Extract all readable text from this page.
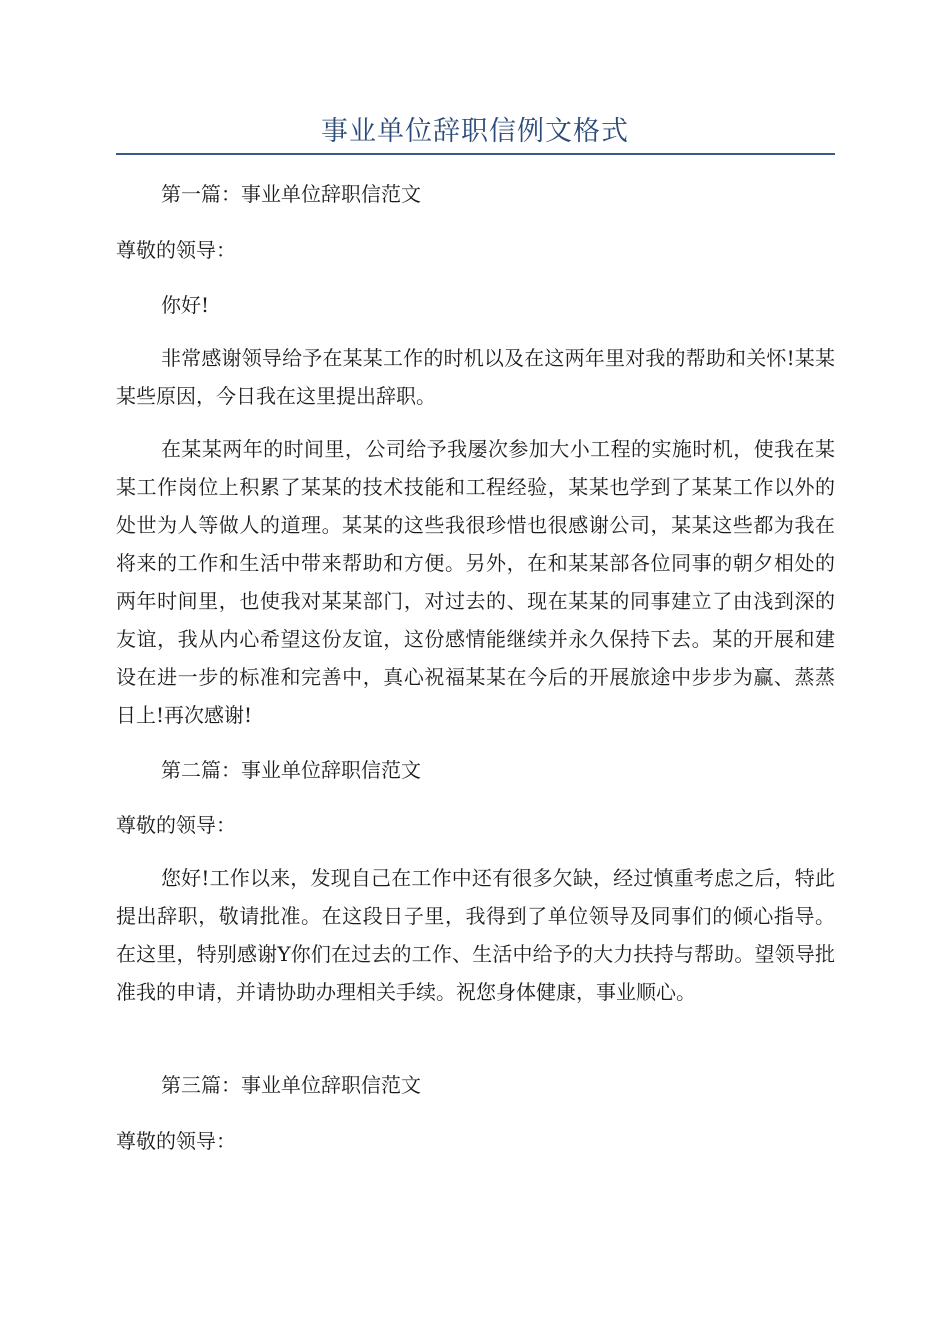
事业单位辞职信例文格式
第一篇：事业单位辞职信范文
尊敬的领导：
你好!
非常感谢领导给予在某某工作的时机以及在这两年里对我的帮助和关怀!某某某些原因，今日我在这里提出辞职。
在某某两年的时间里，公司给予我屡次参加大小工程的实施时机，使我在某某工作岗位上积累了某某的技术技能和工程经验，某某也学到了某某工作以外的处世为人等做人的道理。某某的这些我很珍惜也很感谢公司，某某这些都为我在将来的工作和生活中带来帮助和方便。另外，在和某某部各位同事的朝夕相处的两年时间里，也使我对某某部门，对过去的、现在某某的同事建立了由浅到深的友谊，我从内心希望这份友谊，这份感情能继续并永久保持下去。某的开展和建设在进一步的标准和完善中，真心祝福某某在今后的开展旅途中步步为赢、蒸蒸日上!再次感谢!
第二篇：事业单位辞职信范文
尊敬的领导：
您好!工作以来，发现自己在工作中还有很多欠缺，经过慎重考虑之后，特此提出辞职，敬请批准。在这段日子里，我得到了单位领导及同事们的倾心指导。在这里，特别感谢Y你们在过去的工作、生活中给予的大力扶持与帮助。望领导批准我的申请，并请协助办理相关手续。祝您身体健康，事业顺心。
第三篇：事业单位辞职信范文
尊敬的领导：
